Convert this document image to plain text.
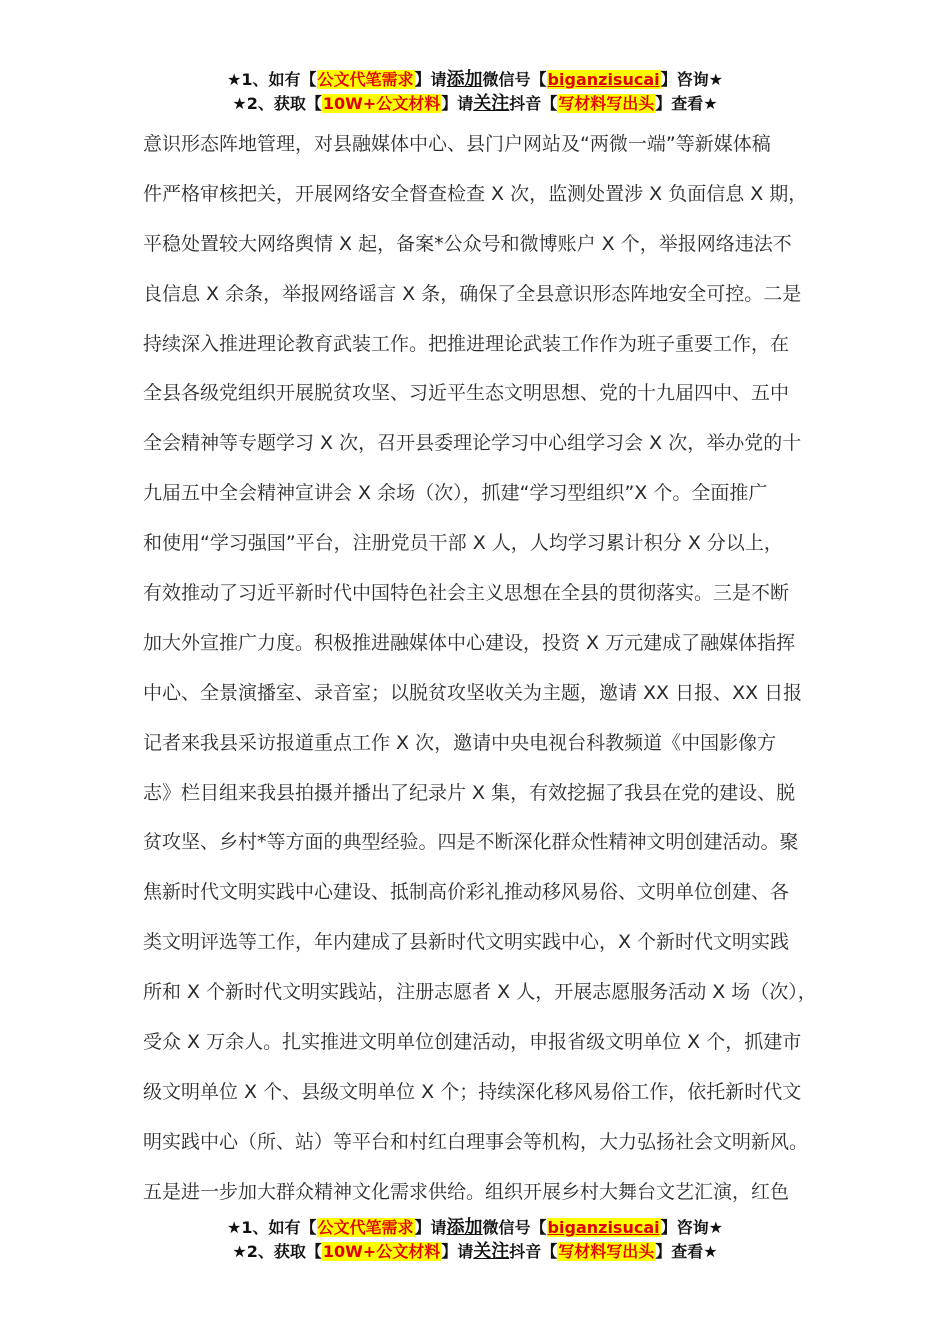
★1、如有【公文代笔需求】请添加微信号【biganzisucai】咨询★
★2、获取【10W+公文材料】请关注抖音【写材料写出头】查看★
意识形态阵地管理，对县融媒体中心、县门户网站及“两微一端”等新媒体稿
件严格审核把关，开展网络安全督查检查 X 次，监测处置涉 X 负面信息 X 期，
平稳处置较大网络舆情 X 起，备案*公众号和微博账户 X 个，举报网络违法不
良信息 X 余条，举报网络谣言 X 条，确保了全县意识形态阵地安全可控。二是
持续深入推进理论教育武装工作。把推进理论武装工作作为班子重要工作，在
全县各级党组织开展脱贫攻坚、习近平生态文明思想、党的十九届四中、五中
全会精神等专题学习 X 次，召开县委理论学习中心组学习会 X 次，举办党的十
九届五中全会精神宣讲会 X 余场（次），抓建“学习型组织”X 个。全面推广
和使用“学习强国”平台，注册党员干部 X 人，人均学习累计积分 X 分以上，
有效推动了习近平新时代中国特色社会主义思想在全县的贯彻落实。三是不断
加大外宣推广力度。积极推进融媒体中心建设，投资 X 万元建成了融媒体指挥
中心、全景演播室、录音室；以脱贫攻坚收关为主题，邀请 XX 日报、XX 日报
记者来我县采访报道重点工作 X 次，邀请中央电视台科教频道《中国影像方
志》栏目组来我县拍摄并播出了纪录片 X 集，有效挖掘了我县在党的建设、脱
贫攻坚、乡村*等方面的典型经验。四是不断深化群众性精神文明创建活动。聚
焦新时代文明实践中心建设、抵制高价彩礼推动移风易俗、文明单位创建、各
类文明评选等工作，年内建成了县新时代文明实践中心，X 个新时代文明实践
所和 X 个新时代文明实践站，注册志愿者 X 人，开展志愿服务活动 X 场（次），
受众 X 万余人。扎实推进文明单位创建活动，申报省级文明单位 X 个，抓建市
级文明单位 X 个、县级文明单位 X 个；持续深化移风易俗工作，依托新时代文
明实践中心（所、站）等平台和村红白理事会等机构，大力弘扬社会文明新风。
五是进一步加大群众精神文化需求供给。组织开展乡村大舞台文艺汇演，红色
★1、如有【公文代笔需求】请添加微信号【biganzisucai】咨询★
★2、获取【10W+公文材料】请关注抖音【写材料写出头】查看★
